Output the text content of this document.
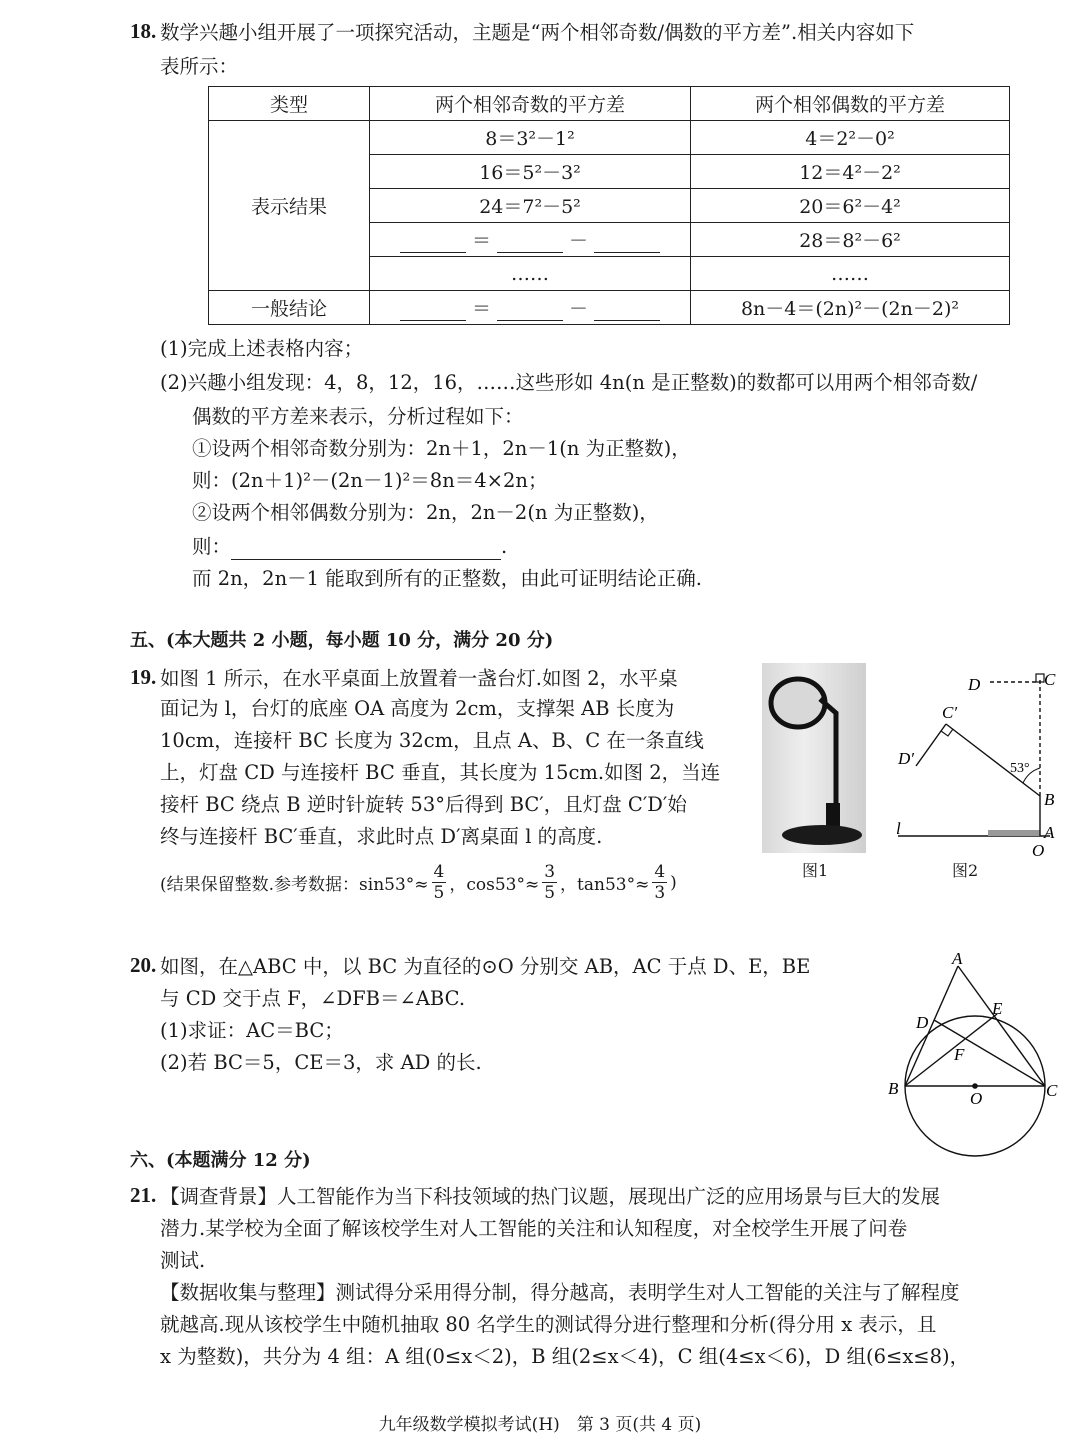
18. 数学兴趣小组开展了一项探究活动，主题是“两个相邻奇数/偶数的平方差”.相关内容如下
表所示：
类型	两个相邻奇数的平方差	两个相邻偶数的平方差
表示结果	8＝3²－1²	4＝2²－0²
	16＝5²－3²	12＝4²－2²
	24＝7²－5²	20＝6²－4²
	＝ －	28＝8²－6²
	……	……
一般结论	＝ －	8n－4＝(2n)²－(2n－2)²
(1)完成上述表格内容；
(2)兴趣小组发现：4，8，12，16，……这些形如 4n(n 是正整数)的数都可以用两个相邻奇数/
偶数的平方差来表示，分析过程如下：
①设两个相邻奇数分别为：2n＋1，2n－1(n 为正整数)，
则：(2n＋1)²－(2n－1)²＝8n＝4×2n；
②设两个相邻偶数分别为：2n，2n－2(n 为正整数)，
则：	.
而 2n，2n－1 能取到所有的正整数，由此可证明结论正确.
五、(本大题共 2 小题，每小题 10 分，满分 20 分)
19. 如图 1 所示，在水平桌面上放置着一盏台灯.如图 2，水平桌
面记为 l，台灯的底座 OA 高度为 2cm，支撑架 AB 长度为
10cm，连接杆 BC 长度为 32cm，且点 A、B、C 在一条直线
上，灯盘 CD 与连接杆 BC 垂直，其长度为 15cm.如图 2，当连
接杆 BC 绕点 B 逆时针旋转 53°后得到 BC′，且灯盘 C′D′始
终与连接杆 BC′垂直，求此时点 D′离桌面 l 的高度.
(结果保留整数.参考数据：$\sin 53^\circ\approx \frac{4}{5}$ ，$\cos 53^\circ\approx \frac{3}{5}$ ，$\tan 53^\circ\approx \frac{4}{3}$ )
图1
D	C
C′
D′
53°
B
l	A
O
图2
20. 如图，在△ABC 中，以 BC 为直径的⊙O 分别交 AB，AC 于点 D、E，BE
与 CD 交于点 F，∠DFB＝∠ABC.
(1)求证：AC＝BC；
(2)若 BC＝5，CE＝3，求 AD 的长.
A
D
E
F
B
O	C
六、(本题满分 12 分)
21. 【调查背景】人工智能作为当下科技领域的热门议题，展现出广泛的应用场景与巨大的发展
潜力.某学校为全面了解该校学生对人工智能的关注和认知程度，对全校学生开展了问卷
测试.
【数据收集与整理】测试得分采用得分制，得分越高，表明学生对人工智能的关注与了解程度
就越高.现从该校学生中随机抽取 80 名学生的测试得分进行整理和分析(得分用 x 表示，且
x 为整数)，共分为 4 组：A 组(0≤x＜2)，B 组(2≤x＜4)，C 组(4≤x＜6)，D 组(6≤x≤8)，
九年级数学模拟考试(H)　第 3 页(共 4 页)
